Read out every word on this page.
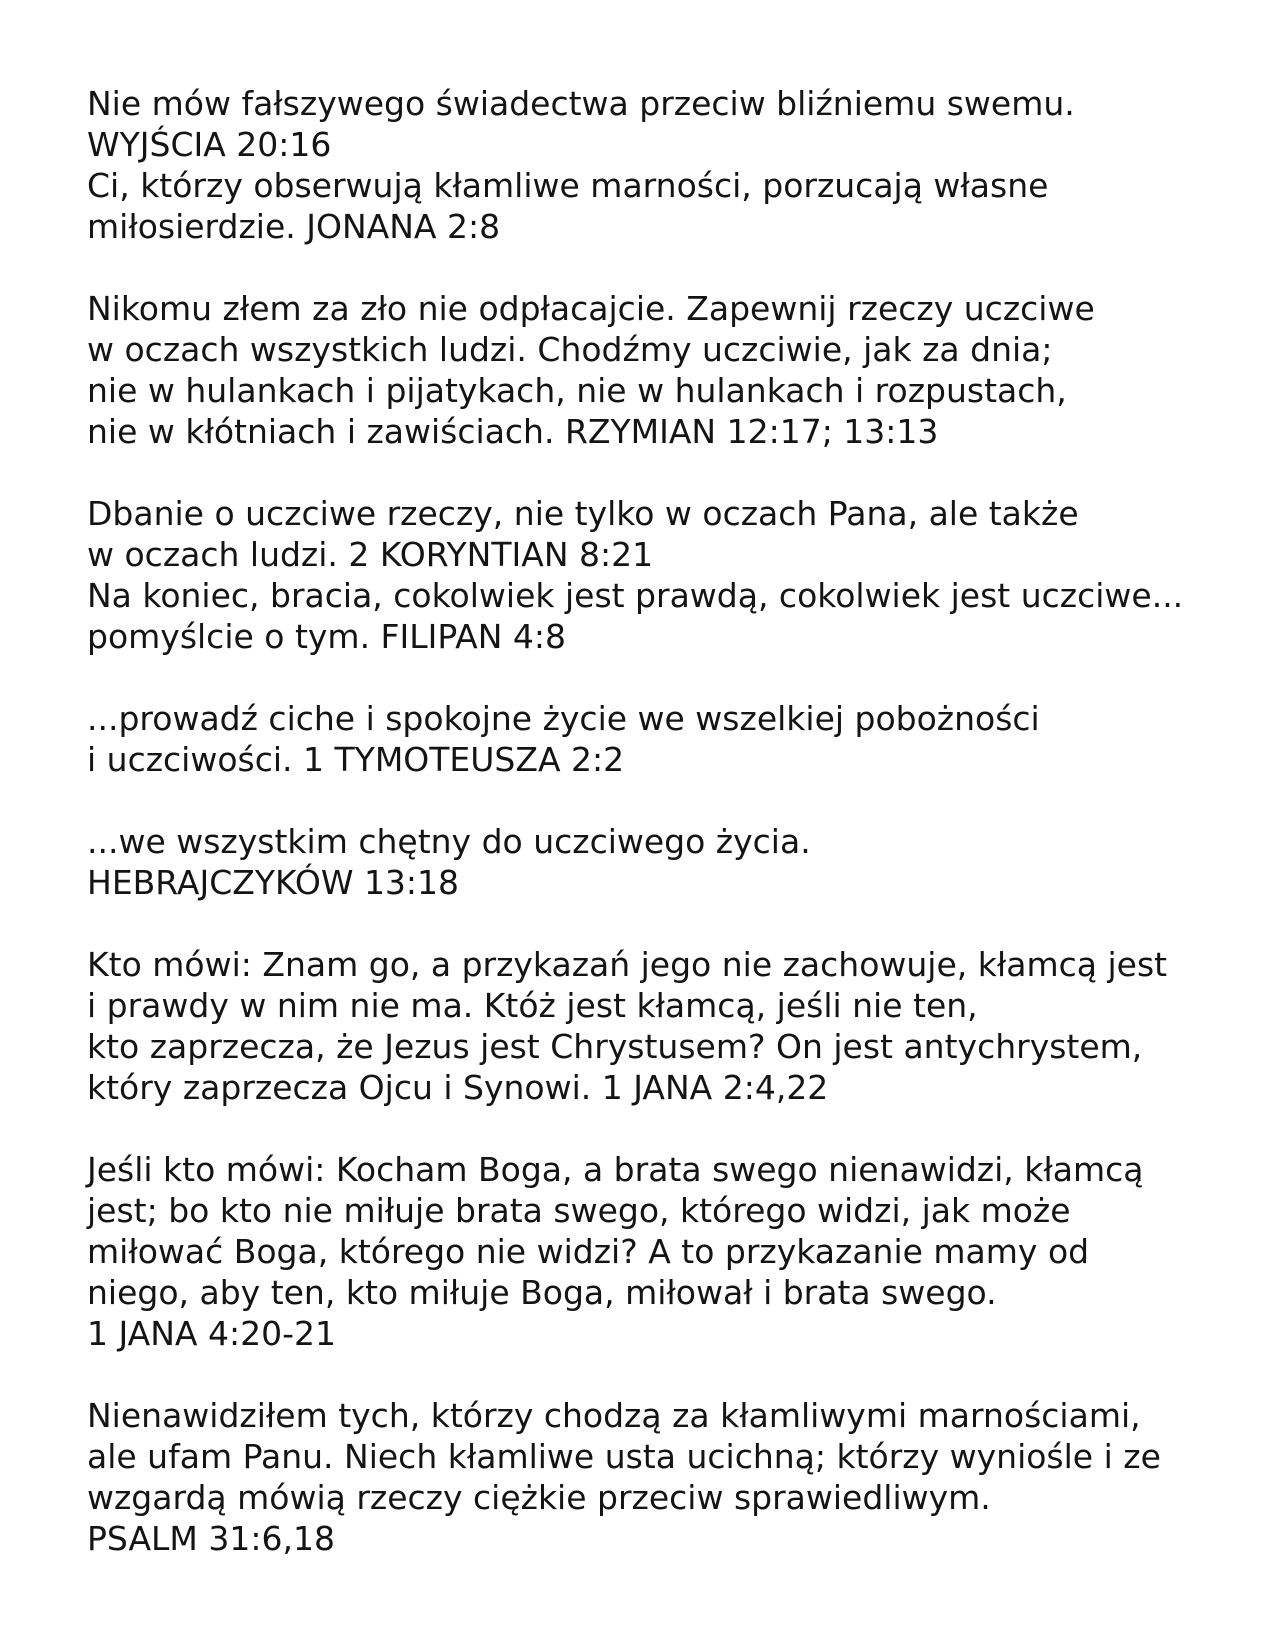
Nie mów fałszywego świadectwa przeciw bliźniemu swemu.
WYJŚCIA 20:16
Ci, którzy obserwują kłamliwe marności, porzucają własne
miłosierdzie. JONANA 2:8
Nikomu złem za zło nie odpłacajcie. Zapewnij rzeczy uczciwe
w oczach wszystkich ludzi. Chodźmy uczciwie, jak za dnia;
nie w hulankach i pijatykach, nie w hulankach i rozpustach,
nie w kłótniach i zawiściach. RZYMIAN 12:17; 13:13
Dbanie o uczciwe rzeczy, nie tylko w oczach Pana, ale także
w oczach ludzi. 2 KORYNTIAN 8:21
Na koniec, bracia, cokolwiek jest prawdą, cokolwiek jest uczciwe...
pomyślcie o tym. FILIPAN 4:8
...prowadź ciche i spokojne życie we wszelkiej pobożności
i uczciwości. 1 TYMOTEUSZA 2:2
...we wszystkim chętny do uczciwego życia.
HEBRAJCZYKÓW 13:18
Kto mówi: Znam go, a przykazań jego nie zachowuje, kłamcą jest
i prawdy w nim nie ma. Któż jest kłamcą, jeśli nie ten,
kto zaprzecza, że Jezus jest Chrystusem? On jest antychrystem,
który zaprzecza Ojcu i Synowi. 1 JANA 2:4,22
Jeśli kto mówi: Kocham Boga, a brata swego nienawidzi, kłamcą
jest; bo kto nie miłuje brata swego, którego widzi, jak może
miłować Boga, którego nie widzi? A to przykazanie mamy od
niego, aby ten, kto miłuje Boga, miłował i brata swego.
1 JANA 4:20-21
Nienawidziłem tych, którzy chodzą za kłamliwymi marnościami,
ale ufam Panu. Niech kłamliwe usta ucichną; którzy wyniośle i ze
wzgardą mówią rzeczy ciężkie przeciw sprawiedliwym.
PSALM 31:6,18
